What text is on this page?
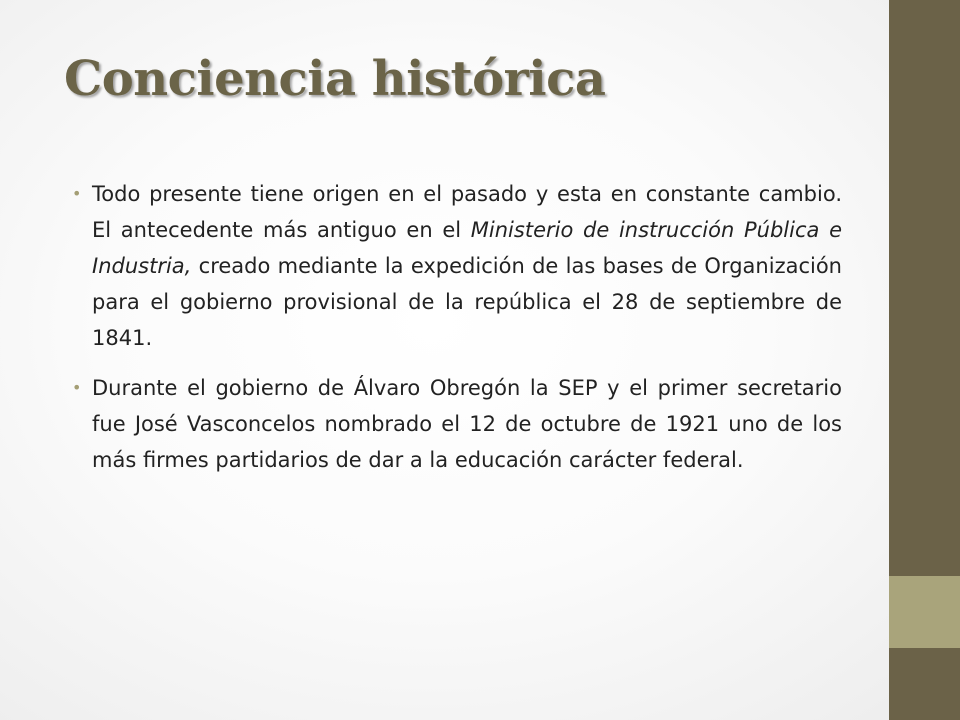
Conciencia histórica
• Todo presente tiene origen en el pasado y esta en constante cambio. El antecedente más antiguo en el Ministerio de instrucción Pública e Industria, creado mediante la expedición de las bases de Organización para el gobierno provisional de la república el 28 de septiembre de 1841.
• Durante el gobierno de Álvaro Obregón la SEP y el primer secretario fue José Vasconcelos nombrado el 12 de octubre de 1921 uno de los más firmes partidarios de dar a la educación carácter federal.
